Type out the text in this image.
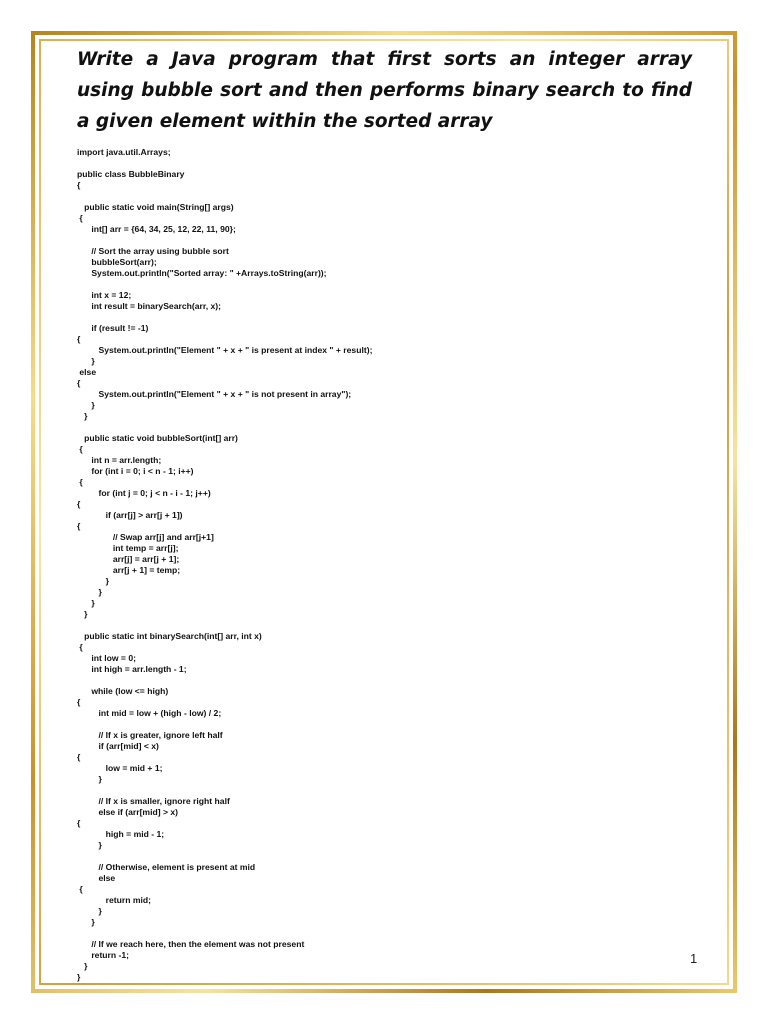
Write a Java program that first sorts an integer array using bubble sort and then performs binary search to find a given element within the sorted array
import java.util.Arrays;
public class BubbleBinary
{
public static void main(String[] args)
{
int[] arr = {64, 34, 25, 12, 22, 11, 90};
// Sort the array using bubble sort
bubbleSort(arr);
System.out.println("Sorted array: " +Arrays.toString(arr));
int x = 12;
int result = binarySearch(arr, x);
if (result != -1)
{
System.out.println("Element " + x + " is present at index " + result);
}
else
{
System.out.println("Element " + x + " is not present in array");
}
}
public static void bubbleSort(int[] arr)
{
int n = arr.length;
for (int i = 0; i < n - 1; i++)
{
for (int j = 0; j < n - i - 1; j++)
{
if (arr[j] > arr[j + 1])
{
// Swap arr[j] and arr[j+1]
int temp = arr[j];
arr[j] = arr[j + 1];
arr[j + 1] = temp;
}
}
}
}
public static int binarySearch(int[] arr, int x)
{
int low = 0;
int high = arr.length - 1;
while (low <= high)
{
int mid = low + (high - low) / 2;
// If x is greater, ignore left half
if (arr[mid] < x)
{
low = mid + 1;
}
// If x is smaller, ignore right half
else if (arr[mid] > x)
{
high = mid - 1;
}
// Otherwise, element is present at mid
else
{
return mid;
}
}
// If we reach here, then the element was not present
return -1;
}
}
1
